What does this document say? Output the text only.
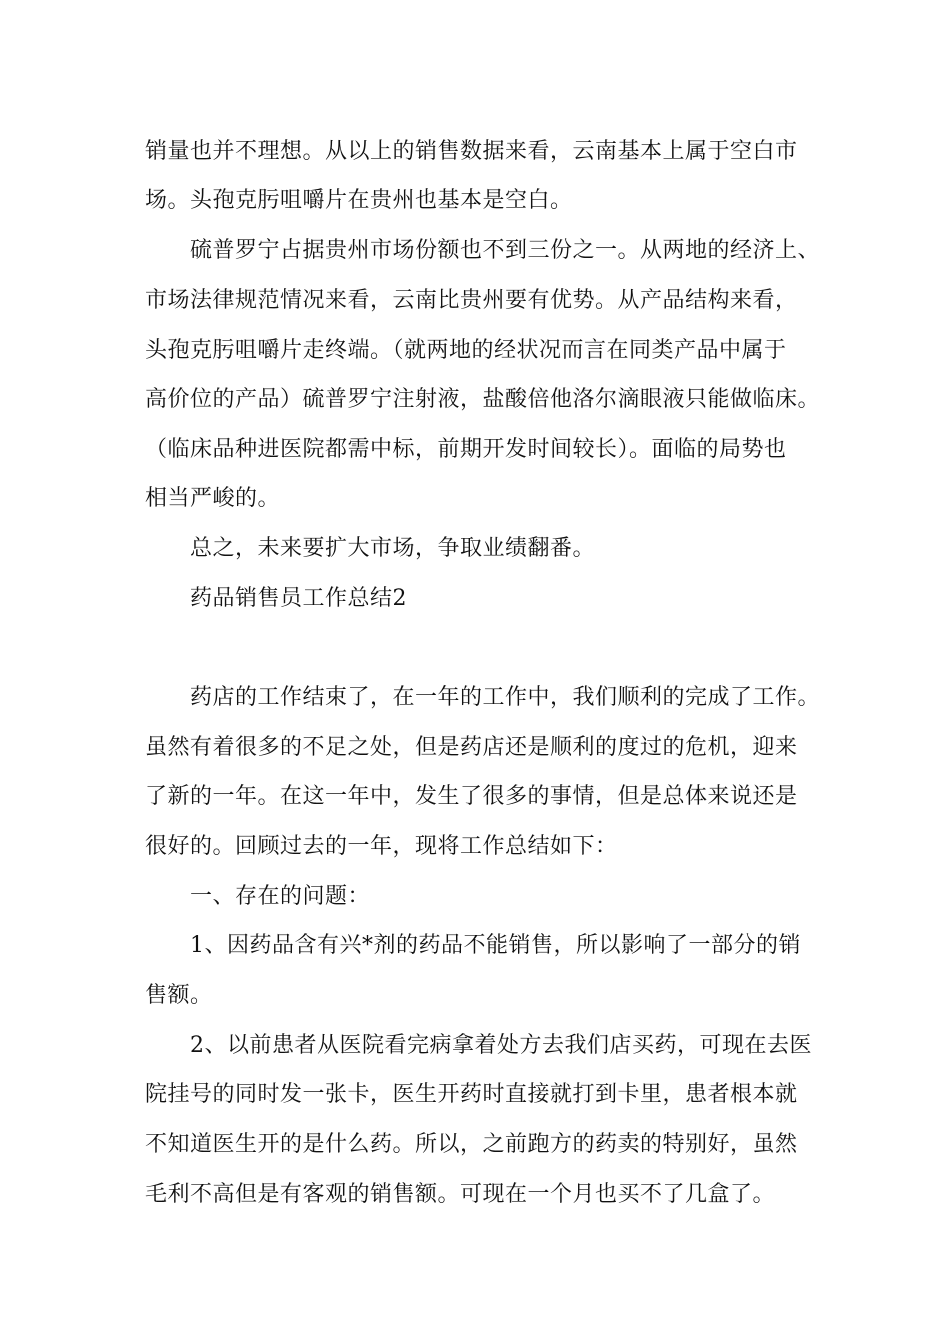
销量也并不理想。从以上的销售数据来看，云南基本上属于空白市

场。头孢克肟咀嚼片在贵州也基本是空白。

硫普罗宁占据贵州市场份额也不到三份之一。从两地的经济上、

市场法律规范情况来看，云南比贵州要有优势。从产品结构来看，

头孢克肟咀嚼片走终端。（就两地的经状况而言在同类产品中属于

高价位的产品）硫普罗宁注射液，盐酸倍他洛尔滴眼液只能做临床。

（临床品种进医院都需中标，前期开发时间较长）。面临的局势也

相当严峻的。

总之，未来要扩大市场，争取业绩翻番。

药品销售员工作总结2

药店的工作结束了，在一年的工作中，我们顺利的完成了工作。

虽然有着很多的不足之处，但是药店还是顺利的度过的危机，迎来

了新的一年。在这一年中，发生了很多的事情，但是总体来说还是

很好的。回顾过去的一年，现将工作总结如下：

一、存在的问题：

1、因药品含有兴*剂的药品不能销售，所以影响了一部分的销

售额。

2、以前患者从医院看完病拿着处方去我们店买药，可现在去医

院挂号的同时发一张卡，医生开药时直接就打到卡里，患者根本就

不知道医生开的是什么药。所以，之前跑方的药卖的特别好，虽然

毛利不高但是有客观的销售额。可现在一个月也买不了几盒了。
